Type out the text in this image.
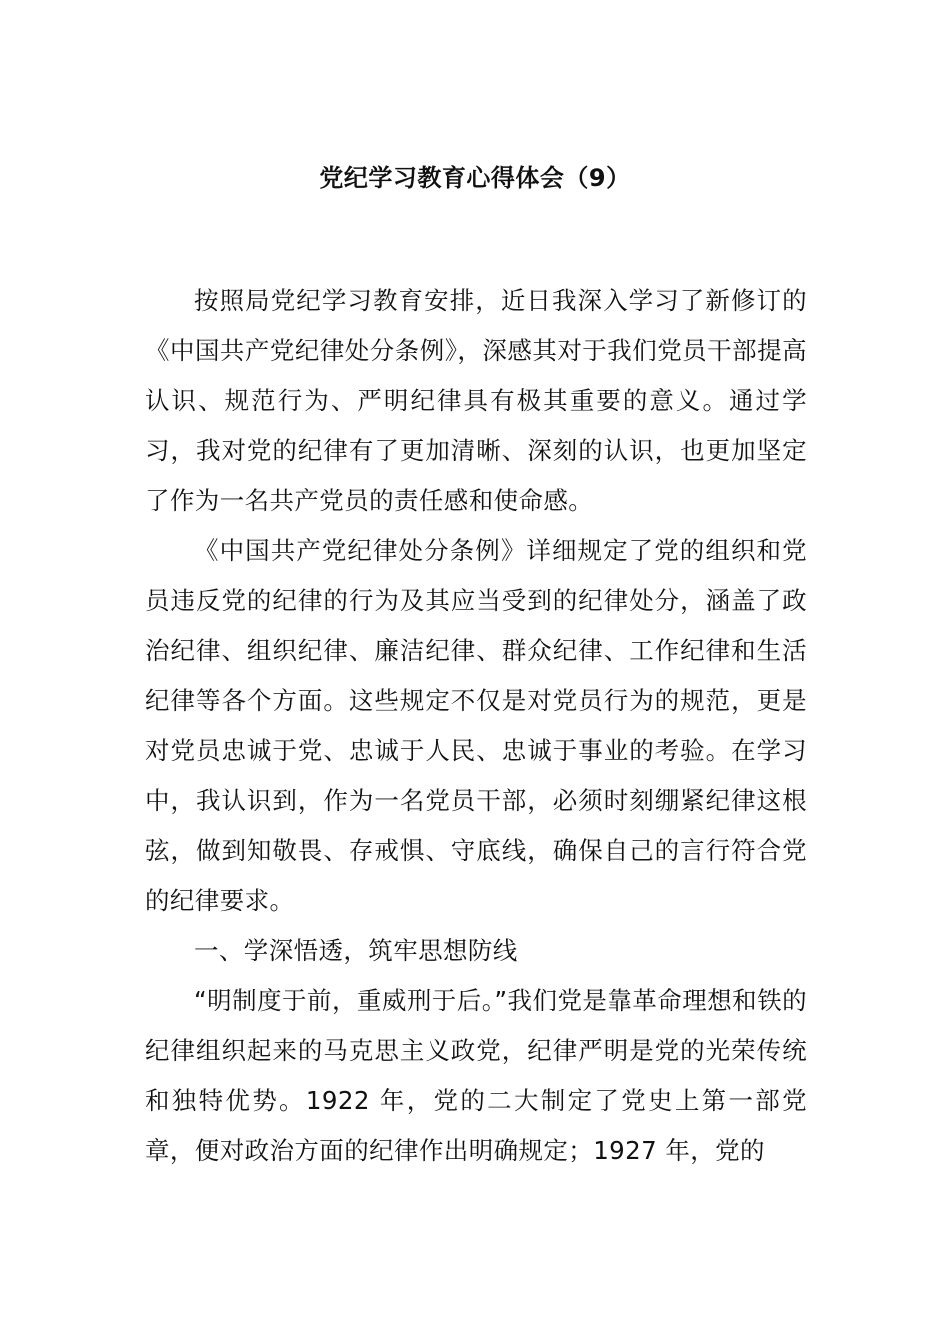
党纪学习教育心得体会（9）

按照局党纪学习教育安排，近日我深入学习了新修订的《中国共产党纪律处分条例》，深感其对于我们党员干部提高认识、规范行为、严明纪律具有极其重要的意义。通过学习，我对党的纪律有了更加清晰、深刻的认识，也更加坚定了作为一名共产党员的责任感和使命感。

《中国共产党纪律处分条例》详细规定了党的组织和党员违反党的纪律的行为及其应当受到的纪律处分，涵盖了政治纪律、组织纪律、廉洁纪律、群众纪律、工作纪律和生活纪律等各个方面。这些规定不仅是对党员行为的规范，更是对党员忠诚于党、忠诚于人民、忠诚于事业的考验。在学习中，我认识到，作为一名党员干部，必须时刻绷紧纪律这根弦，做到知敬畏、存戒惧、守底线，确保自己的言行符合党的纪律要求。

一、学深悟透，筑牢思想防线

“明制度于前，重威刑于后。”我们党是靠革命理想和铁的纪律组织起来的马克思主义政党，纪律严明是党的光荣传统和独特优势。1922 年，党的二大制定了党史上第一部党章，便对政治方面的纪律作出明确规定；1927 年，党的
